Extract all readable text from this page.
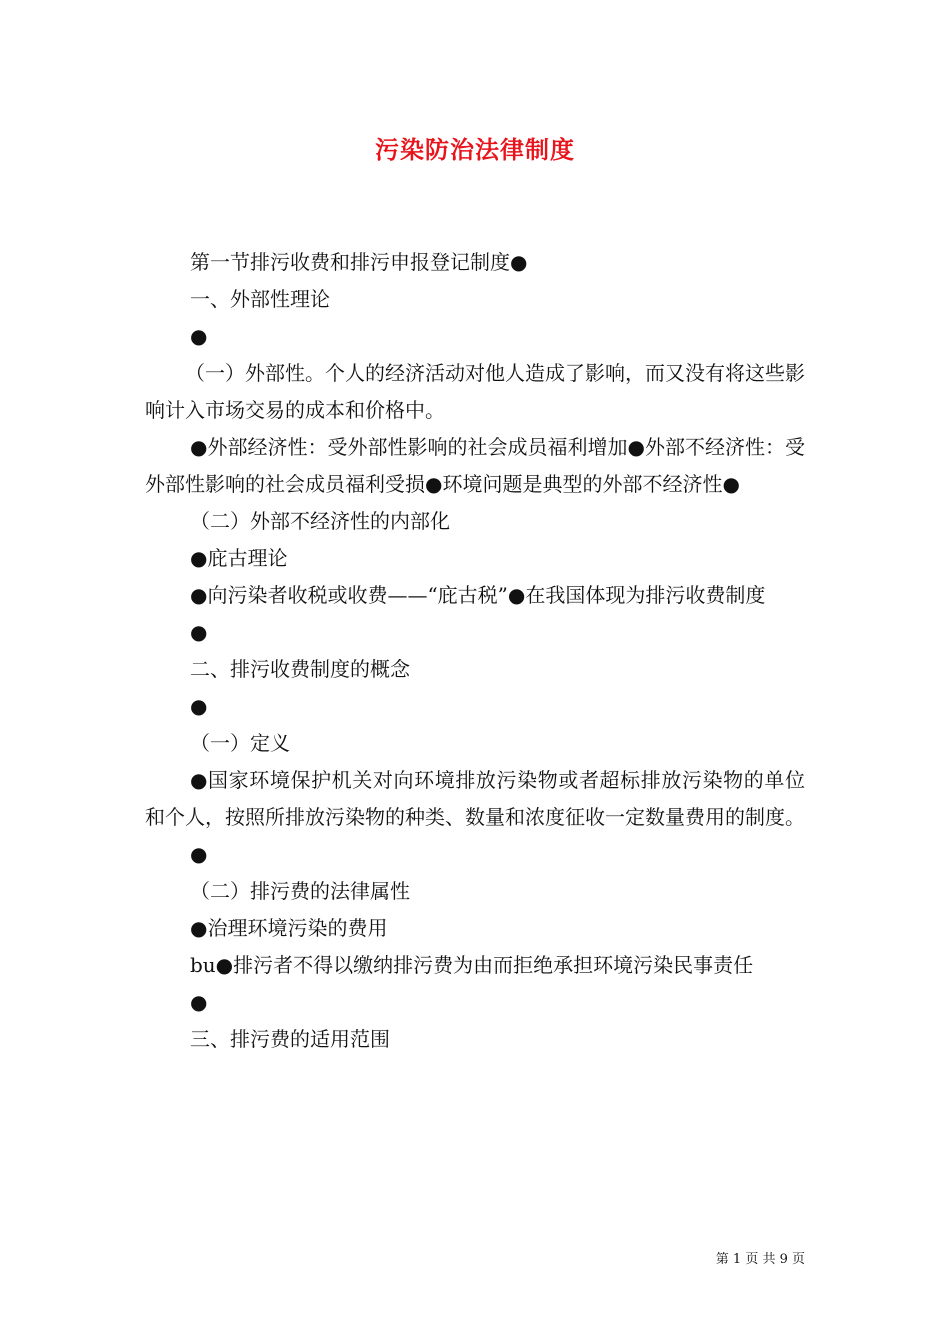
污染防治法律制度

第一节排污收费和排污申报登记制度●

一、外部性理论

●

（一）外部性。个人的经济活动对他人造成了影响，而又没有将这些影响计入市场交易的成本和价格中。

●外部经济性：受外部性影响的社会成员福利增加●外部不经济性：受外部性影响的社会成员福利受损●环境问题是典型的外部不经济性●

（二）外部不经济性的内部化

●庇古理论

●向污染者收税或收费——“庇古税”●在我国体现为排污收费制度

●

二、排污收费制度的概念

●

（一）定义

●国家环境保护机关对向环境排放污染物或者超标排放污染物的单位和个人，按照所排放污染物的种类、数量和浓度征收一定数量费用的制度。

●

（二）排污费的法律属性

●治理环境污染的费用

bu●排污者不得以缴纳排污费为由而拒绝承担环境污染民事责任

●

三、排污费的适用范围

第 1 页 共 9 页
